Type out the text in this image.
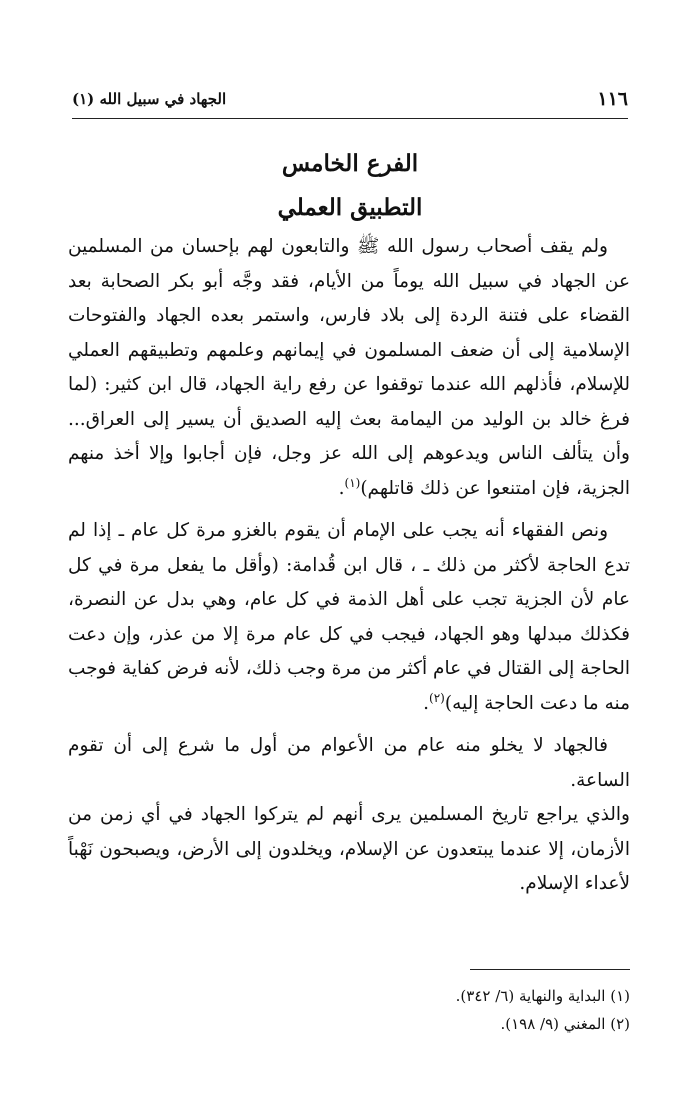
١١٦
الجهاد في سبيل الله (١)
الفرع الخامس
التطبيق العملي

ولم يقف أصحاب رسول الله ﷺ والتابعون لهم بإحسان من المسلمين عن الجهاد في سبيل الله يوماً من الأيام، فقد وجَّه أبو بكر الصحابة بعد القضاء على فتنة الردة إلى بلاد فارس، واستمر بعده الجهاد والفتوحات الإسلامية إلى أن ضعف المسلمون في إيمانهم وعلمهم وتطبيقهم العملي للإسلام، فأذلهم الله عندما توقفوا عن رفع راية الجهاد، قال ابن كثير: (لما فرغ خالد بن الوليد من اليمامة بعث إليه الصديق أن يسير إلى العراق... وأن يتألف الناس ويدعوهم إلى الله عز وجل، فإن أجابوا وإلا أخذ منهم الجزية، فإن امتنعوا عن ذلك قاتلهم)$^{(١)}$.

ونص الفقهاء أنه يجب على الإمام أن يقوم بالغزو مرة كل عام ـ إذا لم تدع الحاجة لأكثر من ذلك ـ ، قال ابن قُدامة: (وأقل ما يفعل مرة في كل عام لأن الجزية تجب على أهل الذمة في كل عام، وهي بدل عن النصرة، فكذلك مبدلها وهو الجهاد، فيجب في كل عام مرة إلا من عذر، وإن دعت الحاجة إلى القتال في عام أكثر من مرة وجب ذلك، لأنه فرض كفاية فوجب منه ما دعت الحاجة إليه)$^{(٢)}$.

فالجهاد لا يخلو منه عام من الأعوام من أول ما شرع إلى أن تقوم الساعة.

والذي يراجع تاريخ المسلمين يرى أنهم لم يتركوا الجهاد في أي زمن من الأزمان، إلا عندما يبتعدون عن الإسلام، ويخلدون إلى الأرض، ويصبحون نَهْباً لأعداء الإسلام.

(١) البداية والنهاية (٦/ ٣٤٢).
(٢) المغني (٩/ ١٩٨).
